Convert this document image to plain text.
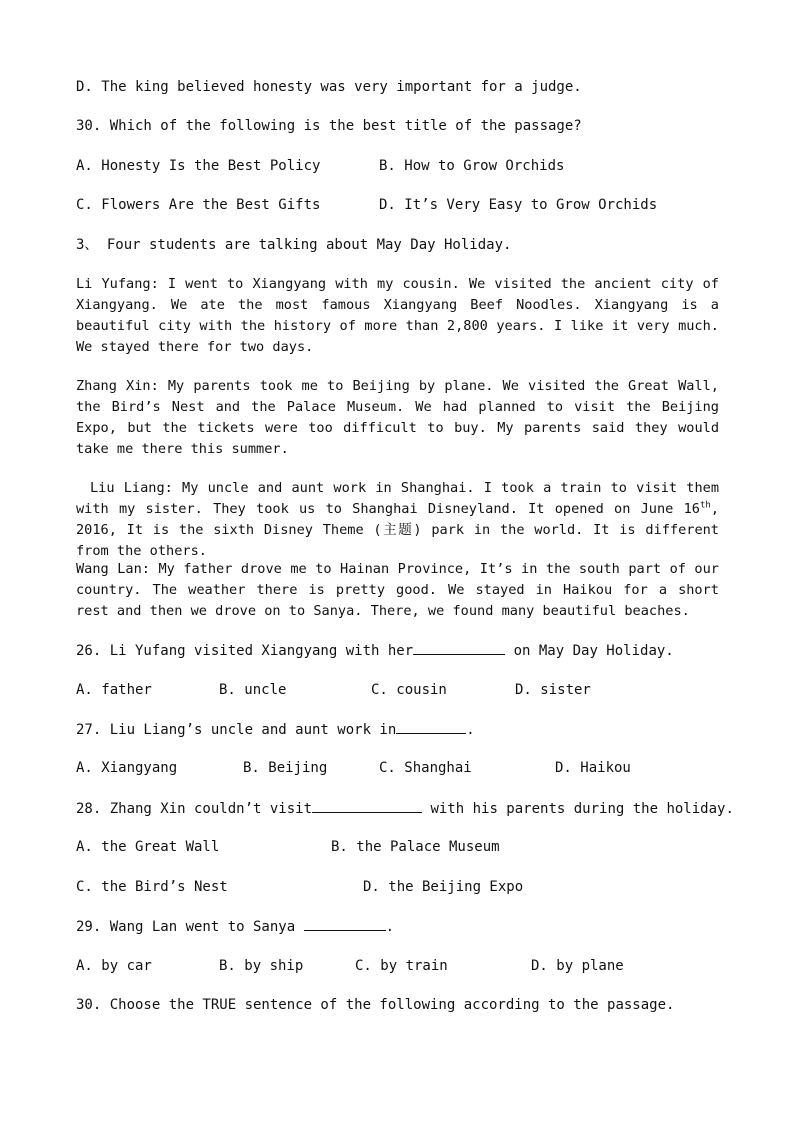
D. The king believed honesty was very important for a judge.
30. Which of the following is the best title of the passage?
A. Honesty Is the Best Policy	B. How to Grow Orchids
C. Flowers Are the Best Gifts	D. It’s Very Easy to Grow Orchids
3、 Four students are talking about May Day Holiday.
Li Yufang: I went to Xiangyang with my cousin. We visited the ancient city of Xiangyang. We ate the most famous Xiangyang Beef Noodles. Xiangyang is a beautiful city with the history of more than 2,800 years. I like it very much. We stayed there for two days.
Zhang Xin: My parents took me to Beijing by plane. We visited the Great Wall, the Bird’s Nest and the Palace Museum. We had planned to visit the Beijing Expo, but the tickets were too difficult to buy. My parents said they would take me there this summer.
Liu Liang: My uncle and aunt work in Shanghai. I took a train to visit them with my sister. They took us to Shanghai Disneyland. It opened on June 16th, 2016, It is the sixth Disney Theme (主题) park in the world. It is different from the others.
Wang Lan: My father drove me to Hainan Province, It’s in the south part of our country. The weather there is pretty good. We stayed in Haikou for a short rest and then we drove on to Sanya. There, we found many beautiful beaches.
26. Li Yufang visited Xiangyang with her	on May Day Holiday.
A. father	B. uncle	C. cousin	D. sister
27. Liu Liang’s uncle and aunt work in	.
A. Xiangyang	B. Beijing	C. Shanghai	D. Haikou
28. Zhang Xin couldn’t visit	with his parents during the holiday.
A. the Great Wall	B. the Palace Museum
C. the Bird’s Nest	D. the Beijing Expo
29. Wang Lan went to Sanya	.
A. by car	B. by ship	C. by train	D. by plane
30. Choose the TRUE sentence of the following according to the passage.
